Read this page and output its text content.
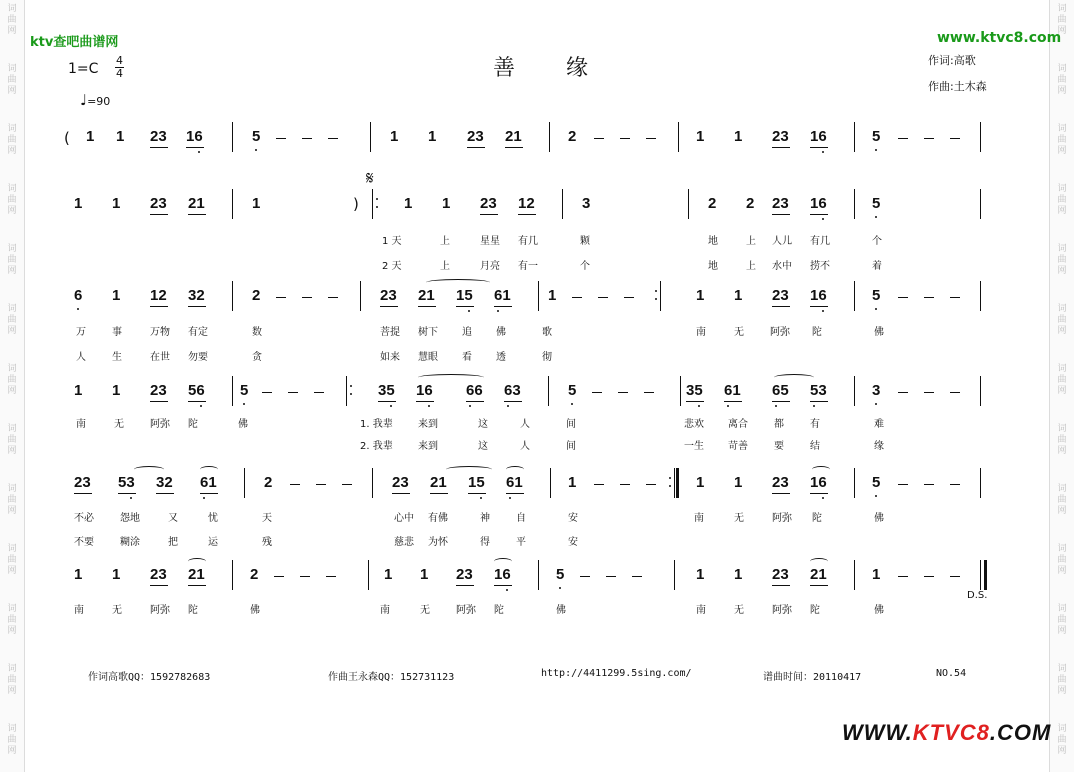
词
曲
网
词
曲
网
词
曲
网
词
曲
网
词
曲
网
词
曲
网
词
曲
网
词
曲
网
词
曲
网
词
曲
网
词
曲
网
词
曲
网
词
曲
网
词
曲
网
词
曲
网
词
曲
网
词
曲
网
词
曲
网
词
曲
网
词
曲
网
词
曲
网
词
曲
网
词
曲
网
词
曲
网
词
曲
网
词
曲
网
ktv查吧曲谱网	www.ktvc8.com
善 缘	作词:高歌
作曲:土木森
1=C
4
4
♩=90
1 1 23 16	5	1 1 23 21	2	1 1 23 16	5
1 1 23 21	1	1 1 23 12	3	2 2 23 16	5
1 天	上	星星 有几	颗	地	上 人儿 有几	个
2 天	上	月亮 有一	个	地	上 水中 捞不	着
6 1 12 32	2	23 21 15 61 1	1 1 23 16	5
万	事	万物 有定	数	菩提 树下 追 佛	歌	南	无	阿弥 陀	佛
人	生	在世 勿要	贪	如来 慧眼 看 透	彻
1 1 23 56 5	35 16 66 63	5	35 61 65 53	3
南	无	阿弥 陀	佛	1. 我辈	来到	这	人	间	悲欢 离合	都	有	难
2. 我辈	来到	这	人	间	一生 苛善	要	结	缘
23 53 32 61	2	23 21 15 61	1	1 1 23 16	5
不必	怨地	又	忧	天	心中 有佛	神	自	安	南	无	阿弥 陀	佛
不要	糊涂	把	运	残	慈悲 为怀	得	平	安
1 1 23 21	2	1 1 23 16	5	1 1 23 21	1
南	无	阿弥 陀	佛	南	无	阿弥 陀	佛	南	无	阿弥 陀	佛
(
)
𝄋
D.S.
作词高歌QQ：1592782683	作曲王永森QQ：152731123	http://4411299.5sing.com/	谱曲时间：20110417	NO.54
WWW.KTVC8.COM
